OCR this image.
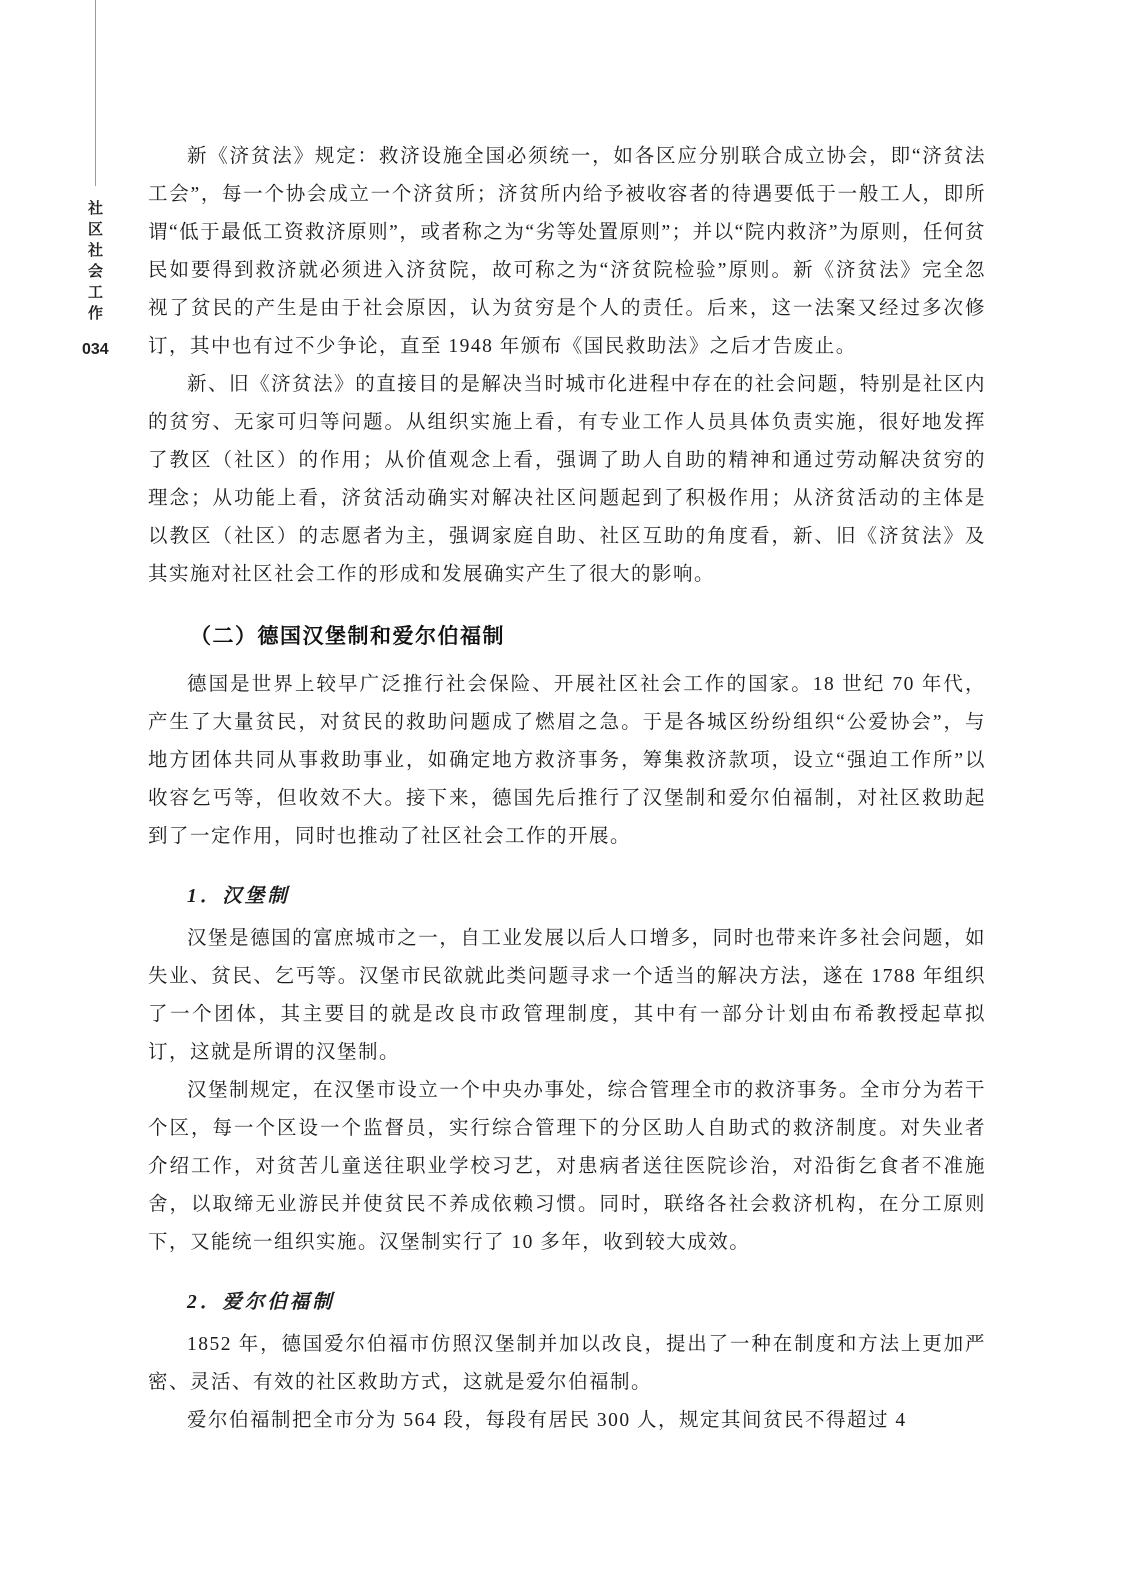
社区社会工作
034

新《济贫法》规定：救济设施全国必须统一，如各区应分别联合成立协会，即“济贫法工会”，每一个协会成立一个济贫所；济贫所内给予被收容者的待遇要低于一般工人，即所谓“低于最低工资救济原则”，或者称之为“劣等处置原则”；并以“院内救济”为原则，任何贫民如要得到救济就必须进入济贫院，故可称之为“济贫院检验”原则。新《济贫法》完全忽视了贫民的产生是由于社会原因，认为贫穷是个人的责任。后来，这一法案又经过多次修订，其中也有过不少争论，直至 1948 年颁布《国民救助法》之后才告废止。

新、旧《济贫法》的直接目的是解决当时城市化进程中存在的社会问题，特别是社区内的贫穷、无家可归等问题。从组织实施上看，有专业工作人员具体负责实施，很好地发挥了教区（社区）的作用；从价值观念上看，强调了助人自助的精神和通过劳动解决贫穷的理念；从功能上看，济贫活动确实对解决社区问题起到了积极作用；从济贫活动的主体是以教区（社区）的志愿者为主，强调家庭自助、社区互助的角度看，新、旧《济贫法》及其实施对社区社会工作的形成和发展确实产生了很大的影响。

（二）德国汉堡制和爱尔伯福制

德国是世界上较早广泛推行社会保险、开展社区社会工作的国家。18 世纪 70 年代，产生了大量贫民，对贫民的救助问题成了燃眉之急。于是各城区纷纷组织“公爱协会”，与地方团体共同从事救助事业，如确定地方救济事务，筹集救济款项，设立“强迫工作所”以收容乞丐等，但收效不大。接下来，德国先后推行了汉堡制和爱尔伯福制，对社区救助起到了一定作用，同时也推动了社区社会工作的开展。

1．汉堡制

汉堡是德国的富庶城市之一，自工业发展以后人口增多，同时也带来许多社会问题，如失业、贫民、乞丐等。汉堡市民欲就此类问题寻求一个适当的解决方法，遂在 1788 年组织了一个团体，其主要目的就是改良市政管理制度，其中有一部分计划由布希教授起草拟订，这就是所谓的汉堡制。

汉堡制规定，在汉堡市设立一个中央办事处，综合管理全市的救济事务。全市分为若干个区，每一个区设一个监督员，实行综合管理下的分区助人自助式的救济制度。对失业者介绍工作，对贫苦儿童送往职业学校习艺，对患病者送往医院诊治，对沿街乞食者不准施舍，以取缔无业游民并使贫民不养成依赖习惯。同时，联络各社会救济机构，在分工原则下，又能统一组织实施。汉堡制实行了 10 多年，收到较大成效。

2．爱尔伯福制

1852 年，德国爱尔伯福市仿照汉堡制并加以改良，提出了一种在制度和方法上更加严密、灵活、有效的社区救助方式，这就是爱尔伯福制。

爱尔伯福制把全市分为 564 段，每段有居民 300 人，规定其间贫民不得超过 4
